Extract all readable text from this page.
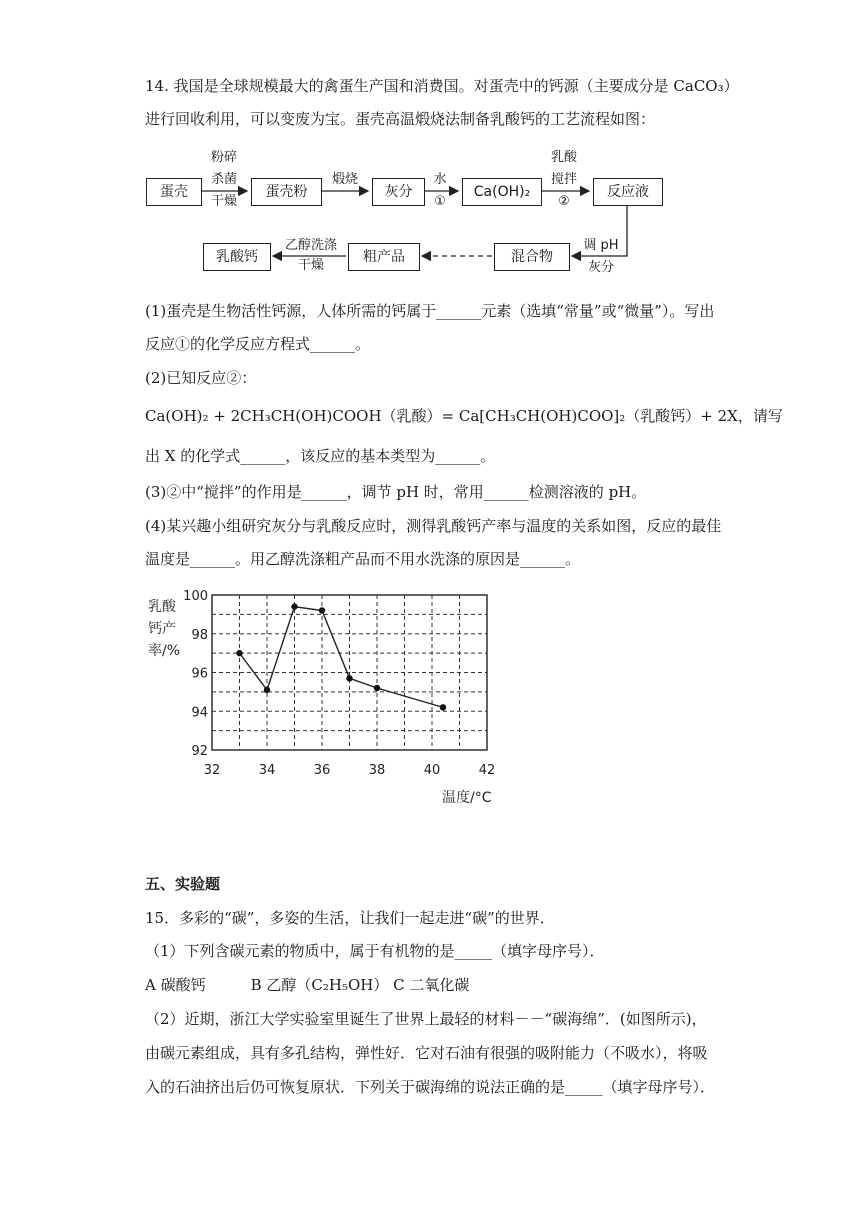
14. 我国是全球规模最大的禽蛋生产国和消费国。对蛋壳中的钙源（主要成分是 CaCO₃）
进行回收利用，可以变废为宝。蛋壳高温煅烧法制备乳酸钙的工艺流程如图：
蛋壳	蛋壳粉	灰分	Ca(OH)₂	反应液
混合物
粗产品
乳酸钙
粉碎
杀菌
干燥
煅烧	水
①
乳酸
搅拌
②
调 pH
灰分
乙醇洗涤
干燥
(1)蛋壳是生物活性钙源，人体所需的钙属于______元素（选填“常量”或“微量”）。写出
反应①的化学反应方程式______。
(2)已知反应②：
Ca(OH)₂ + 2CH₃CH(OH)COOH（乳酸）= Ca[CH₃CH(OH)COO]₂（乳酸钙）+ 2X，请写
出 X 的化学式______，该反应的基本类型为______。
(3)②中“搅拌”的作用是______，调节 pH 时，常用______检测溶液的 pH。
(4)某兴趣小组研究灰分与乳酸反应时，测得乳酸钙产率与温度的关系如图，反应的最佳
温度是______。用乙醇洗涤粗产品而不用水洗涤的原因是______。
32	34	36	38	40	42
92
94
96
98
100
乳酸
钙产
率/%
温度/°C
五、实验题
15．多彩的“碳”，多姿的生活，让我们一起走进“碳”的世界．
（1）下列含碳元素的物质中，属于有机物的是_____（填字母序号）．
A 碳酸钙　　　B 乙醇（C₂H₅OH） C 二氧化碳
（2）近期，浙江大学实验室里诞生了世界上最轻的材料－－“碳海绵”．(如图所示)，
由碳元素组成，具有多孔结构，弹性好．它对石油有很强的吸附能力（不吸水），将吸
入的石油挤出后仍可恢复原状．下列关于碳海绵的说法正确的是_____（填字母序号）．
